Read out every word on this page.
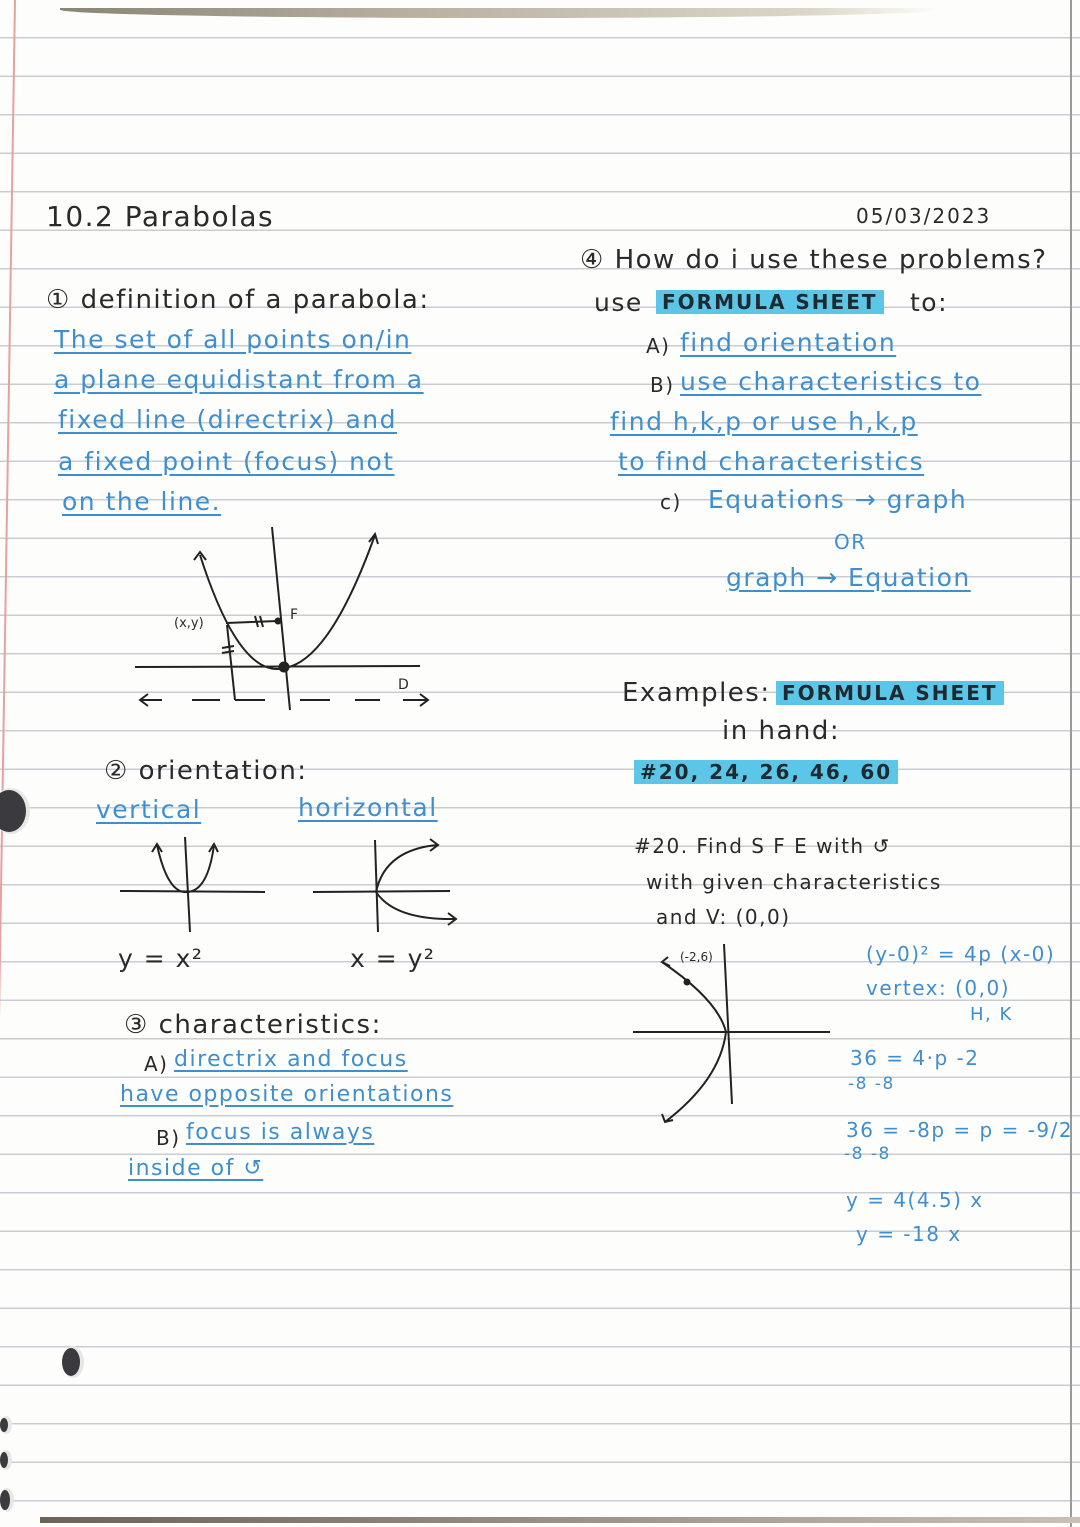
10.2 Parabolas	05/03/2023
① definition of a parabola:
The set of all points on/in
a plane equidistant from a
fixed line (directrix) and
a fixed point (focus) not
on the line.
(x,y)
F
D
② orientation:
vertical	horizontal
y = x²	x = y²
③ characteristics:
A) directrix and focus
have opposite orientations
B) focus is always
inside of ↺
④ How do i use these problems?
use FORMULA SHEET to:
A) find orientation
B) use characteristics to
find h,k,p or use h,k,p
to find characteristics
c) Equations → graph
OR
graph → Equation
Examples: FORMULA SHEET
in hand:
#20, 24, 26, 46, 60
#20. Find S F E with ↺
with given characteristics
and V: (0,0)
(-2,6)	(y-0)² = 4p (x-0)
vertex: (0,0)
H, K
36 = 4·p -2
-8 -8
36 = -8p = p = -9/2
-8 -8
y = 4(4.5) x
y = -18 x
